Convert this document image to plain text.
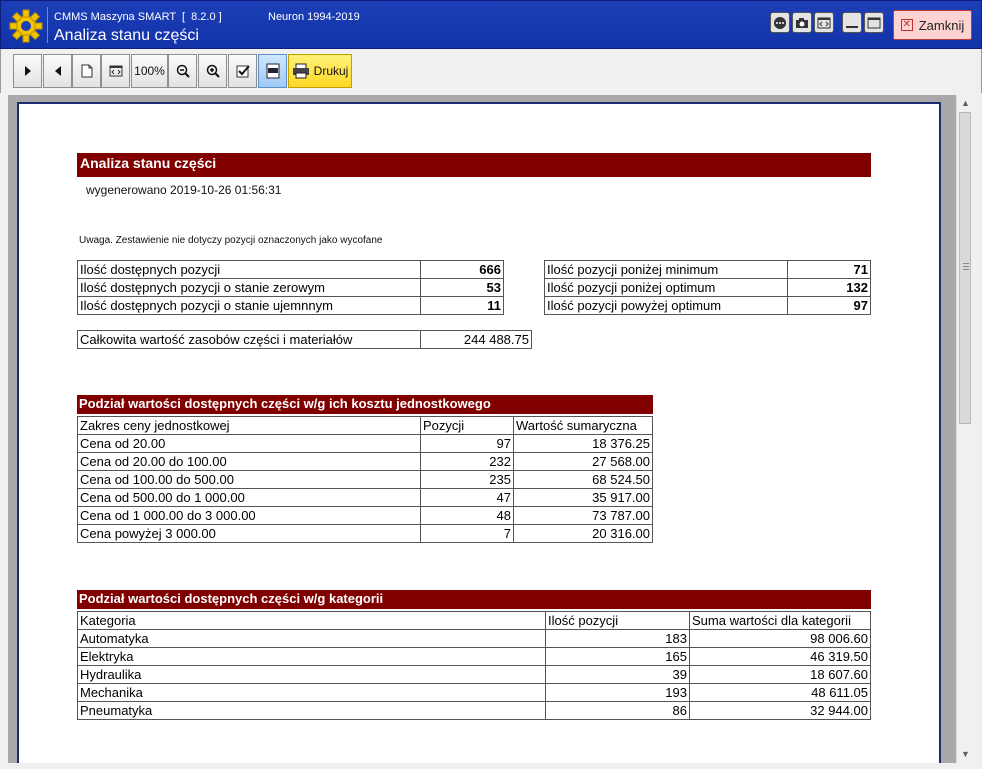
CMMS Maszyna SMART  [  8.2.0 ]	Neuron 1994-2019
Analiza stanu części
✕ Zamknij
100%	Drukuj
Analiza stanu części
wygenerowano 2019-10-26 01:56:31
Uwaga. Zestawienie nie dotyczy pozycji oznaczonych jako wycofane
Ilość dostępnych pozycji	666
Ilość dostępnych pozycji o stanie zerowym	53
Ilość dostępnych pozycji o stanie ujemnnym	11
Ilość pozycji poniżej minimum	71
Ilość pozycji poniżej optimum	132
Ilość pozycji powyżej optimum	97
Całkowita wartość zasobów części i materiałów	244 488.75
Podział wartości dostępnych części w/g ich kosztu jednostkowego
Zakres ceny jednostkowej	Pozycji	Wartość sumaryczna
Cena od 20.00	97	18 376.25
Cena od 20.00 do 100.00	232	27 568.00
Cena od 100.00 do 500.00	235	68 524.50
Cena od 500.00 do 1 000.00	47	35 917.00
Cena od 1 000.00 do 3 000.00	48	73 787.00
Cena powyżej 3 000.00	7	20 316.00
Podział wartości dostępnych części w/g kategorii
Kategoria	Ilość pozycji	Suma wartości dla kategorii
Automatyka	183	98 006.60
Elektryka	165	46 319.50
Hydraulika	39	18 607.60
Mechanika	193	48 611.05
Pneumatyka	86	32 944.00
▲
▼
